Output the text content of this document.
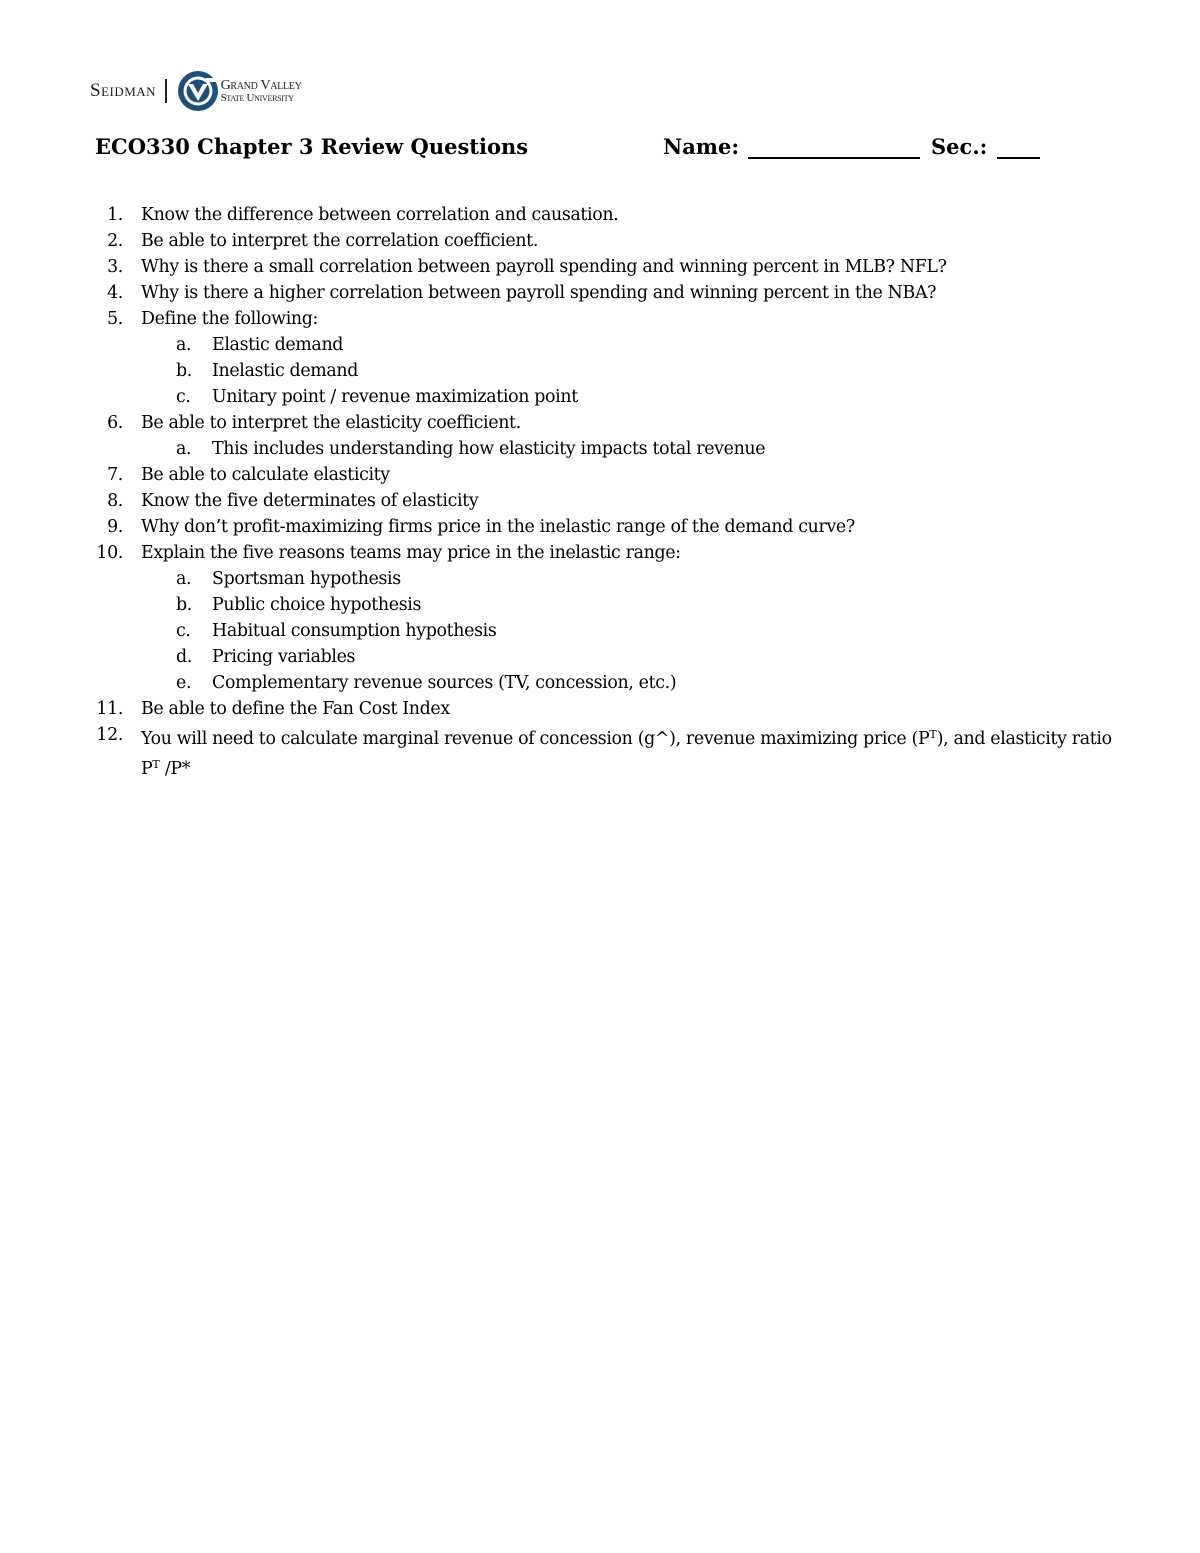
Seidman	Grand Valley
State University
ECO330 Chapter 3 Review Questions	Name:	Sec.:
1. Know the difference between correlation and causation.
2. Be able to interpret the correlation coefficient.
3. Why is there a small correlation between payroll spending and winning percent in MLB? NFL?
4. Why is there a higher correlation between payroll spending and winning percent in the NBA?
5. Define the following:
a. Elastic demand
b. Inelastic demand
c. Unitary point / revenue maximization point
6. Be able to interpret the elasticity coefficient.
a. This includes understanding how elasticity impacts total revenue
7. Be able to calculate elasticity
8. Know the five determinates of elasticity
9. Why don’t profit-maximizing firms price in the inelastic range of the demand curve?
10. Explain the five reasons teams may price in the inelastic range:
a. Sportsman hypothesis
b. Public choice hypothesis
c. Habitual consumption hypothesis
d. Pricing variables
e. Complementary revenue sources (TV, concession, etc.)
11. Be able to define the Fan Cost Index
12. You will need to calculate marginal revenue of concession (g^), revenue maximizing price $(P^T)$, and elasticity ratio $P^T$ /P*
